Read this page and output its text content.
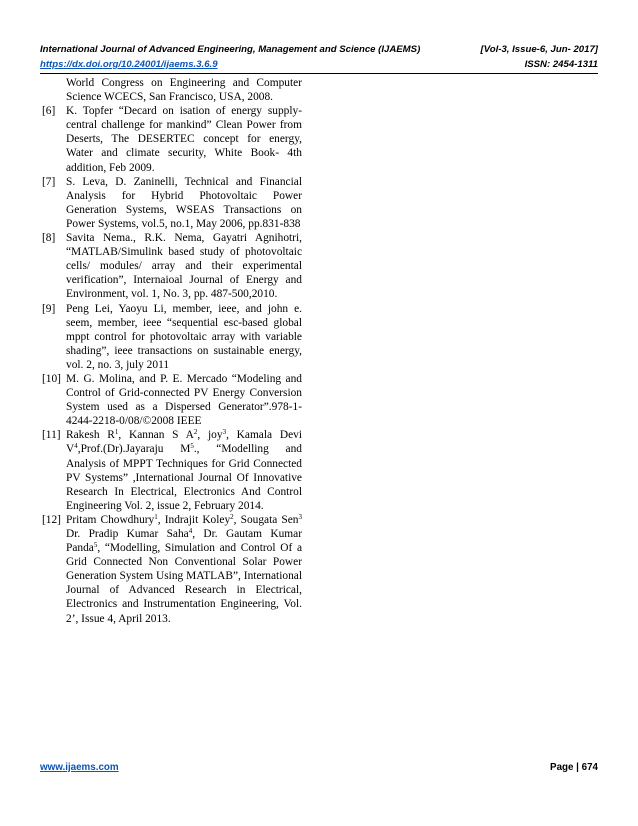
International Journal of Advanced Engineering, Management and Science (IJAEMS)	[Vol-3, Issue-6, Jun- 2017]
https://dx.doi.org/10.24001/ijaems.3.6.9	ISSN: 2454-1311
World Congress on Engineering and Computer Science WCECS, San Francisco, USA, 2008.
[6] K. Topfer “Decard on isation of energy supply- central challenge for mankind” Clean Power from Deserts, The DESERTEC concept for energy, Water and climate security, White Book- 4th addition, Feb 2009.
[7] S. Leva, D. Zaninelli, Technical and Financial Analysis for Hybrid Photovoltaic Power Generation Systems, WSEAS Transactions on Power Systems, vol.5, no.1, May 2006, pp.831-838
[8] Savita Nema., R.K. Nema, Gayatri Agnihotri, “MATLAB/Simulink based study of photovoltaic cells/ modules/ array and their experimental verification”, Internaioal Journal of Energy and Environment, vol. 1, No. 3, pp. 487-500,2010.
[9] Peng Lei, Yaoyu Li, member, ieee, and john e. seem, member, ieee “sequential esc-based global mppt control for photovoltaic array with variable shading”, ieee transactions on sustainable energy, vol. 2, no. 3, july 2011
[10] M. G. Molina, and P. E. Mercado “Modeling and Control of Grid-connected PV Energy Conversion System used as a Dispersed Generator”.978-1-4244-2218-0/08/©2008 IEEE
[11] Rakesh $R^1$, Kannan S $A^2$, joy$^3$, Kamala Devi $V^4,Prof.(Dr).Jayaraju$ $M^5$., “Modelling and Analysis of MPPT Techniques for Grid Connected PV Systems” ,International Journal Of Innovative Research In Electrical, Electronics And Control Engineering Vol. 2, issue 2, February 2014.
[12] Pritam Chowdhury$^1$, Indrajit Koley$^2$, Sougata Sen$^3$ Dr. Pradip Kumar Saha$^4$, Dr. Gautam Kumar Panda$^5$, “Modelling, Simulation and Control Of a Grid Connected Non Conventional Solar Power Generation System Using MATLAB”, International Journal of Advanced Research in Electrical, Electronics and Instrumentation Engineering, Vol. 2’, Issue 4, April 2013.
www.ijaems.com	Page | 674
